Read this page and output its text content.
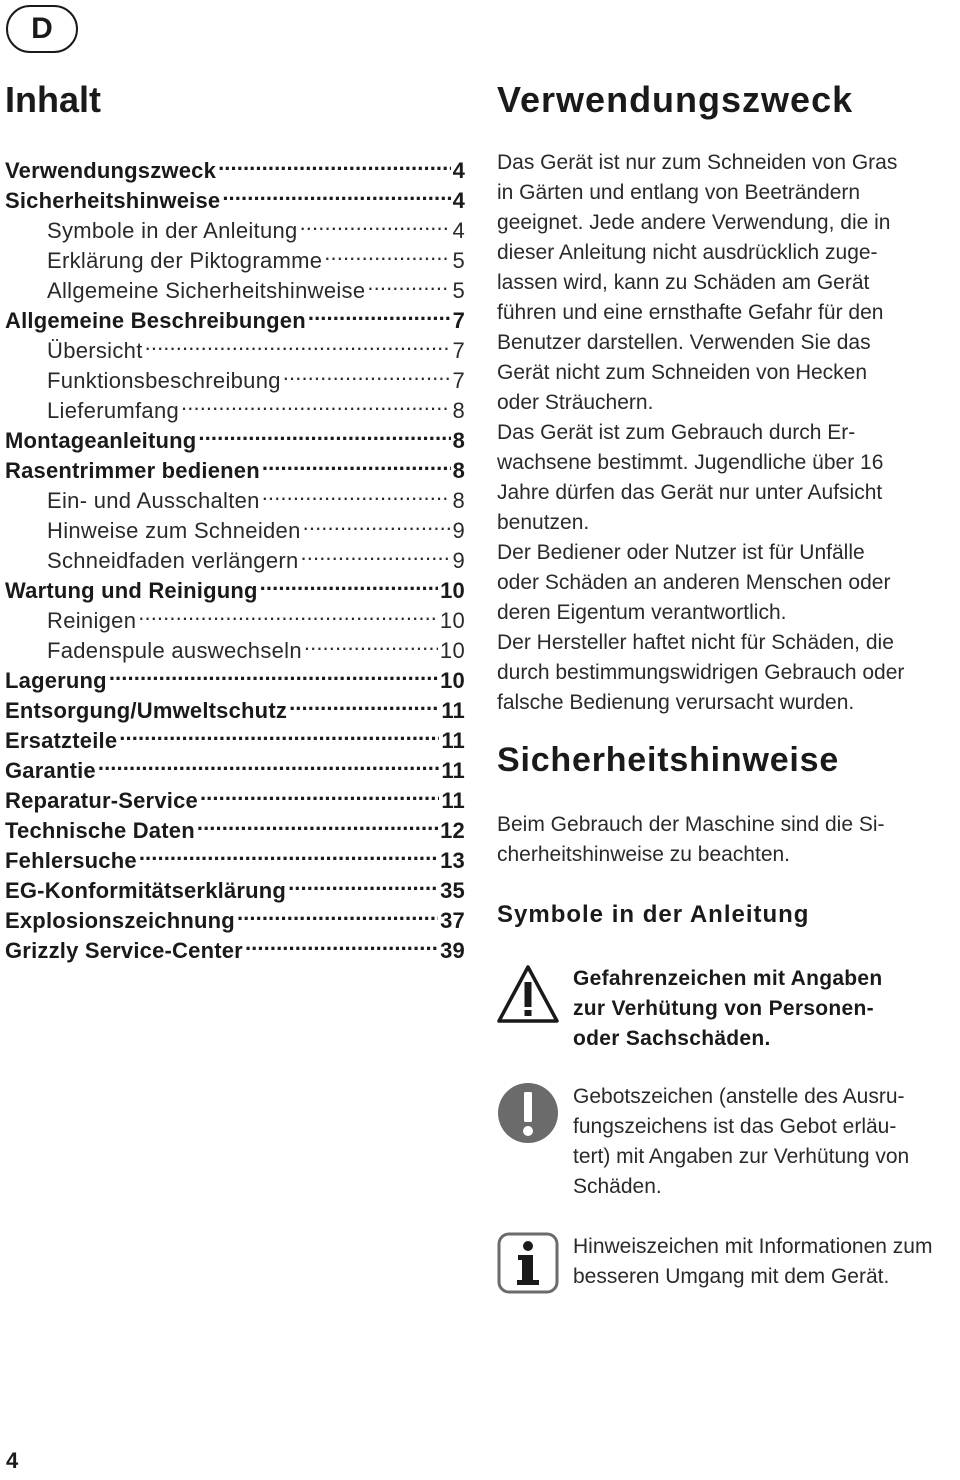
D
Inhalt
Verwendungszweck . . .	4
Sicherheitshinweise . . .	4
Symbole in der Anleitung . . .	4
Erklärung der Piktogramme . . .	5
Allgemeine Sicherheitshinweise . . .	5
Allgemeine Beschreibungen . . .	7
Übersicht . . .	7
Funktionsbeschreibung . . .	7
Lieferumfang . . .	8
Montageanleitung . . .	8
Rasentrimmer bedienen . . .	8
Ein- und Ausschalten . . .	8
Hinweise zum Schneiden . . .	9
Schneidfaden verlängern . . .	9
Wartung und Reinigung . . .	10
Reinigen . . .	10
Fadenspule auswechseln . . .	10
Lagerung . . .	10
Entsorgung/Umweltschutz . . .	11
Ersatzteile . . .	11
Garantie . . .	11
Reparatur-Service . . .	11
Technische Daten . . .	12
Fehlersuche . . .	13
EG-Konformitätserklärung . . .	35
Explosionszeichnung . . .	37
Grizzly Service-Center . . .	39
Verwendungszweck
Das Gerät ist nur zum Schneiden von Gras
in Gärten und entlang von Beeträndern
geeignet. Jede andere Verwendung, die in
dieser Anleitung nicht ausdrücklich zuge-
lassen wird, kann zu Schäden am Gerät
führen und eine ernsthafte Gefahr für den
Benutzer darstellen. Verwenden Sie das
Gerät nicht zum Schneiden von Hecken
oder Sträuchern.
Das Gerät ist zum Gebrauch durch Er-
wachsene bestimmt. Jugendliche über 16
Jahre dürfen das Gerät nur unter Aufsicht
benutzen.
Der Bediener oder Nutzer ist für Unfälle
oder Schäden an anderen Menschen oder
deren Eigentum verantwortlich.
Der Hersteller haftet nicht für Schäden, die
durch bestimmungswidrigen Gebrauch oder
falsche Bedienung verursacht wurden.
Sicherheitshinweise
Beim Gebrauch der Maschine sind die Si-
cherheitshinweise zu beachten.
Symbole in der Anleitung
Gefahrenzeichen mit Angaben
zur Verhütung von Personen-
oder Sachschäden.
Gebotszeichen (anstelle des Ausru-
fungszeichens ist das Gebot erläu-
tert) mit Angaben zur Verhütung von
Schäden.
Hinweiszeichen mit Informationen zum
besseren Umgang mit dem Gerät.
4
